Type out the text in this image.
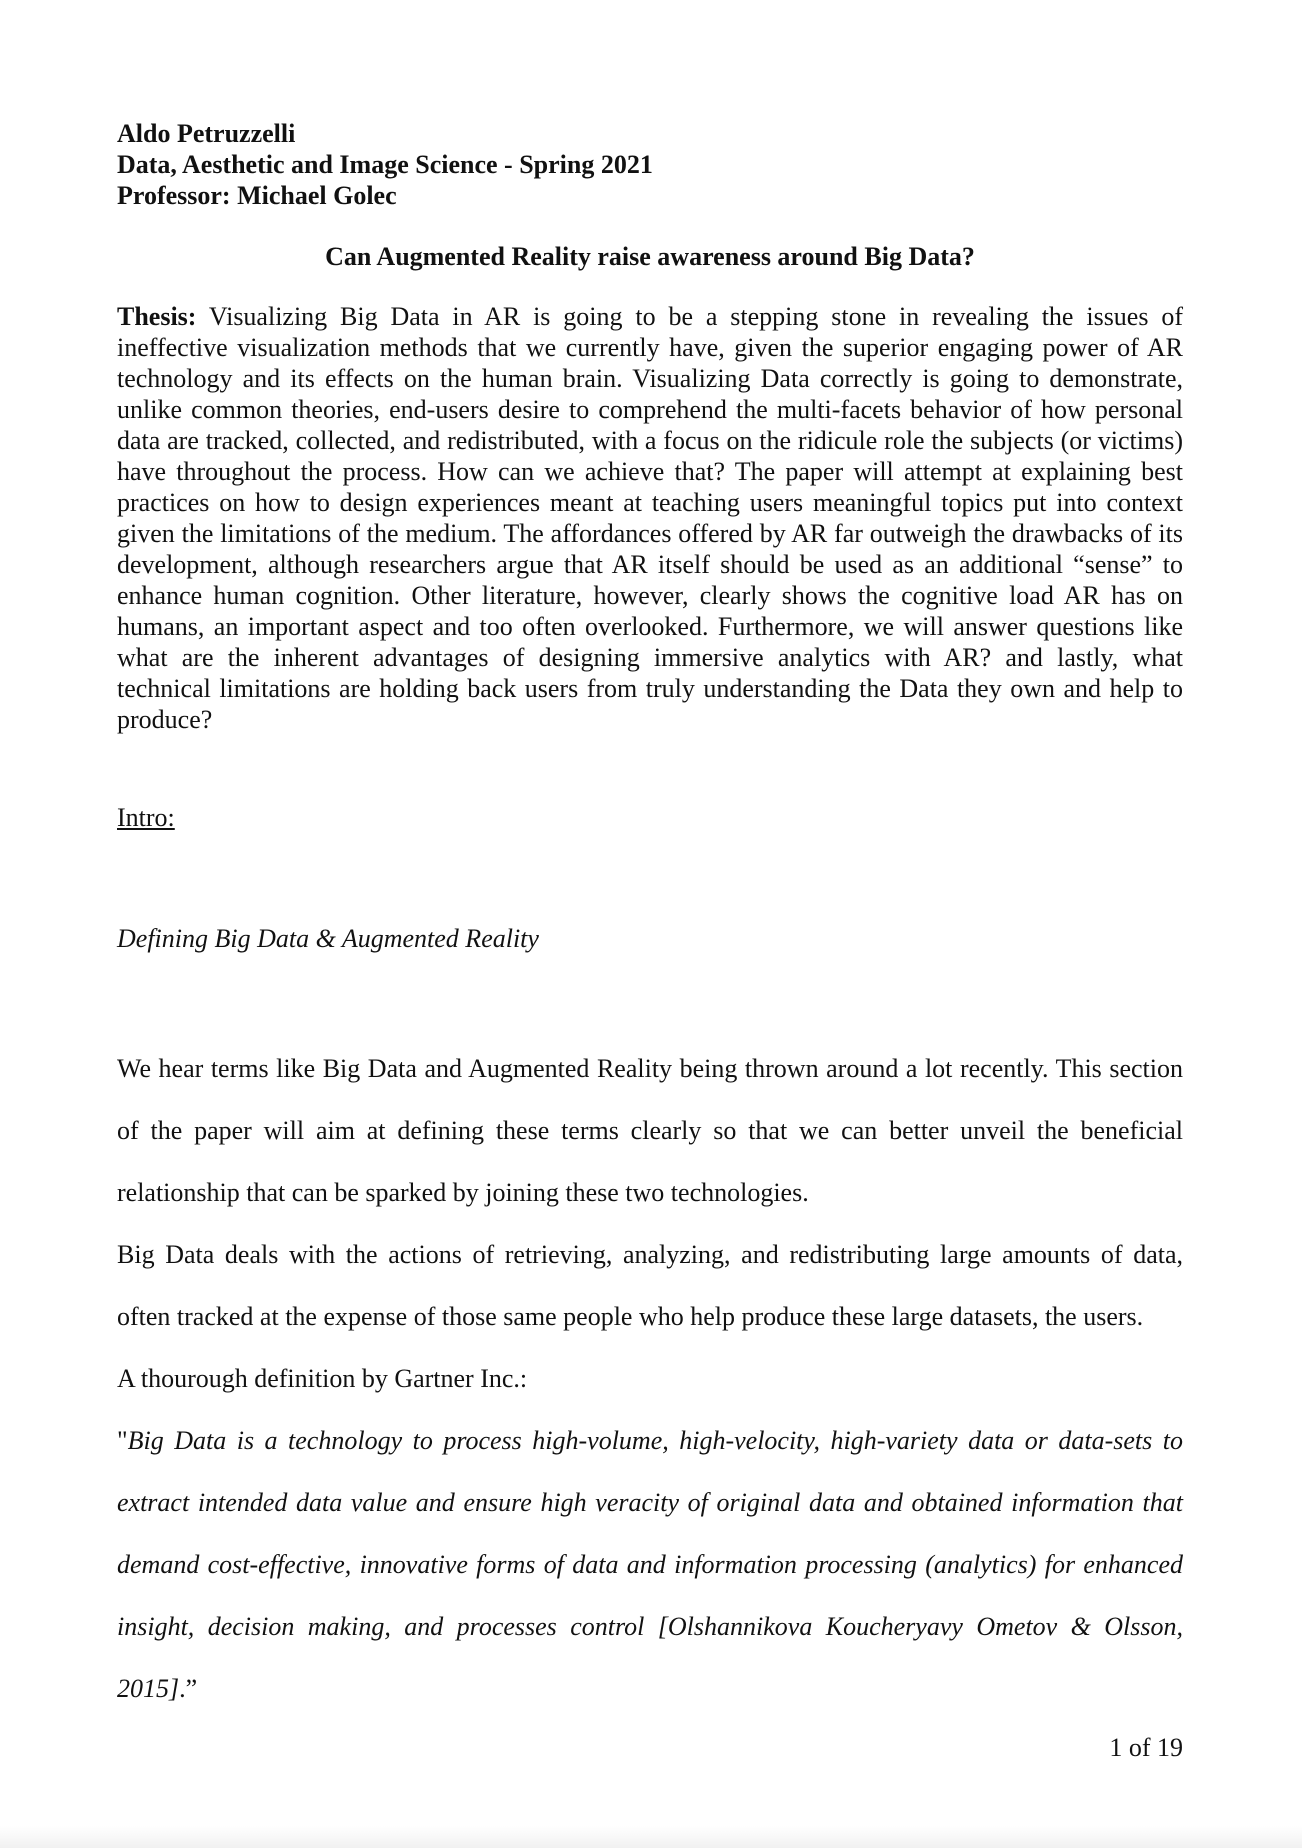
Aldo Petruzzelli

Data, Aesthetic and Image Science - Spring 2021

Professor: Michael Golec

Can Augmented Reality raise awareness around Big Data?

Thesis: Visualizing Big Data in AR is going to be a stepping stone in revealing the issues of ineffective visualization methods that we currently have, given the superior engaging power of AR technology and its effects on the human brain. Visualizing Data correctly is going to demonstrate, unlike common theories, end-users desire to comprehend the multi-facets behavior of how personal data are tracked, collected, and redistributed, with a focus on the ridicule role the subjects (or victims) have throughout the process. How can we achieve that? The paper will attempt at explaining best practices on how to design experiences meant at teaching users meaningful topics put into context given the limitations of the medium. The affordances offered by AR far outweigh the drawbacks of its development, although researchers argue that AR itself should be used as an additional “sense” to enhance human cognition. Other literature, however, clearly shows the cognitive load AR has on humans, an important aspect and too often overlooked. Furthermore, we will answer questions like what are the inherent advantages of designing immersive analytics with AR? and lastly, what technical limitations are holding back users from truly understanding the Data they own and help to produce?

Intro:

Defining Big Data & Augmented Reality

We hear terms like Big Data and Augmented Reality being thrown around a lot recently. This section of the paper will aim at defining these terms clearly so that we can better unveil the beneficial relationship that can be sparked by joining these two technologies.

Big Data deals with the actions of retrieving, analyzing, and redistributing large amounts of data, often tracked at the expense of those same people who help produce these large datasets, the users.

A thourough definition by Gartner Inc.:

"Big Data is a technology to process high-volume, high-velocity, high-variety data or data-sets to extract intended data value and ensure high veracity of original data and obtained information that demand cost-effective, innovative forms of data and information processing (analytics) for enhanced insight, decision making, and processes control [Olshannikova Koucheryavy Ometov & Olsson, 2015].”

1 of 19
